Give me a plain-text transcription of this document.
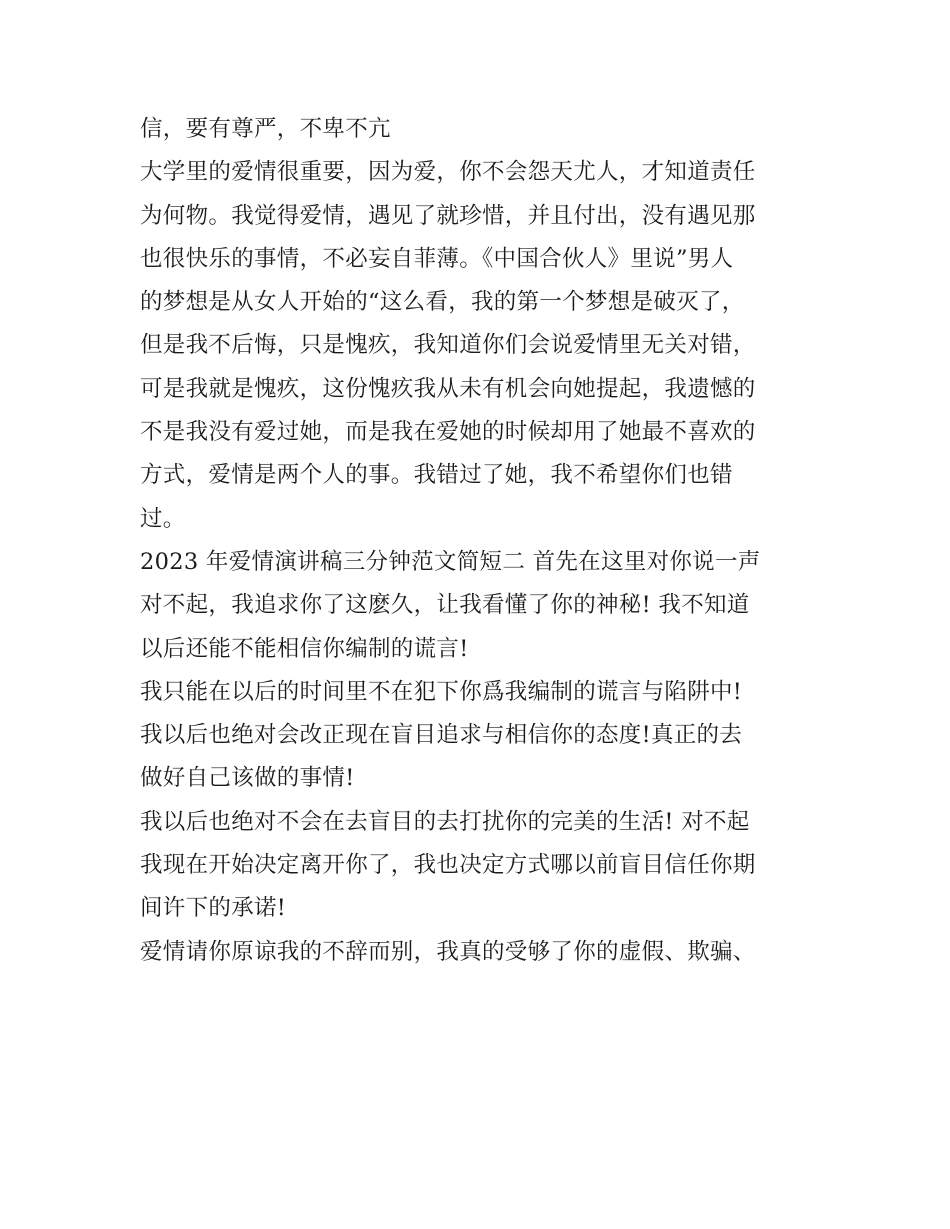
信，要有尊严，不卑不亢
大学里的爱情很重要，因为爱，你不会怨天尤人，才知道责任
为何物。我觉得爱情，遇见了就珍惜，并且付出，没有遇见那
也很快乐的事情，不必妄自菲薄。《中国合伙人》里说”男人
的梦想是从女人开始的“这么看，我的第一个梦想是破灭了，
但是我不后悔，只是愧疚，我知道你们会说爱情里无关对错，
可是我就是愧疚，这份愧疚我从未有机会向她提起，我遗憾的
不是我没有爱过她，而是我在爱她的时候却用了她最不喜欢的
方式，爱情是两个人的事。我错过了她，我不希望你们也错
过。
2023 年爱情演讲稿三分钟范文简短二 首先在这里对你说一声
对不起，我追求你了这麽久，让我看懂了你的神秘! 我不知道
以后还能不能相信你编制的谎言!
我只能在以后的时间里不在犯下你爲我编制的谎言与陷阱中!
我以后也绝对会改正现在盲目追求与相信你的态度!真正的去
做好自己该做的事情!
我以后也绝对不会在去盲目的去打扰你的完美的生活! 对不起
我现在开始决定离开你了，我也决定方式哪以前盲目信任你期
间许下的承诺!
爱情请你原谅我的不辞而别，我真的受够了你的虚假、欺骗、
